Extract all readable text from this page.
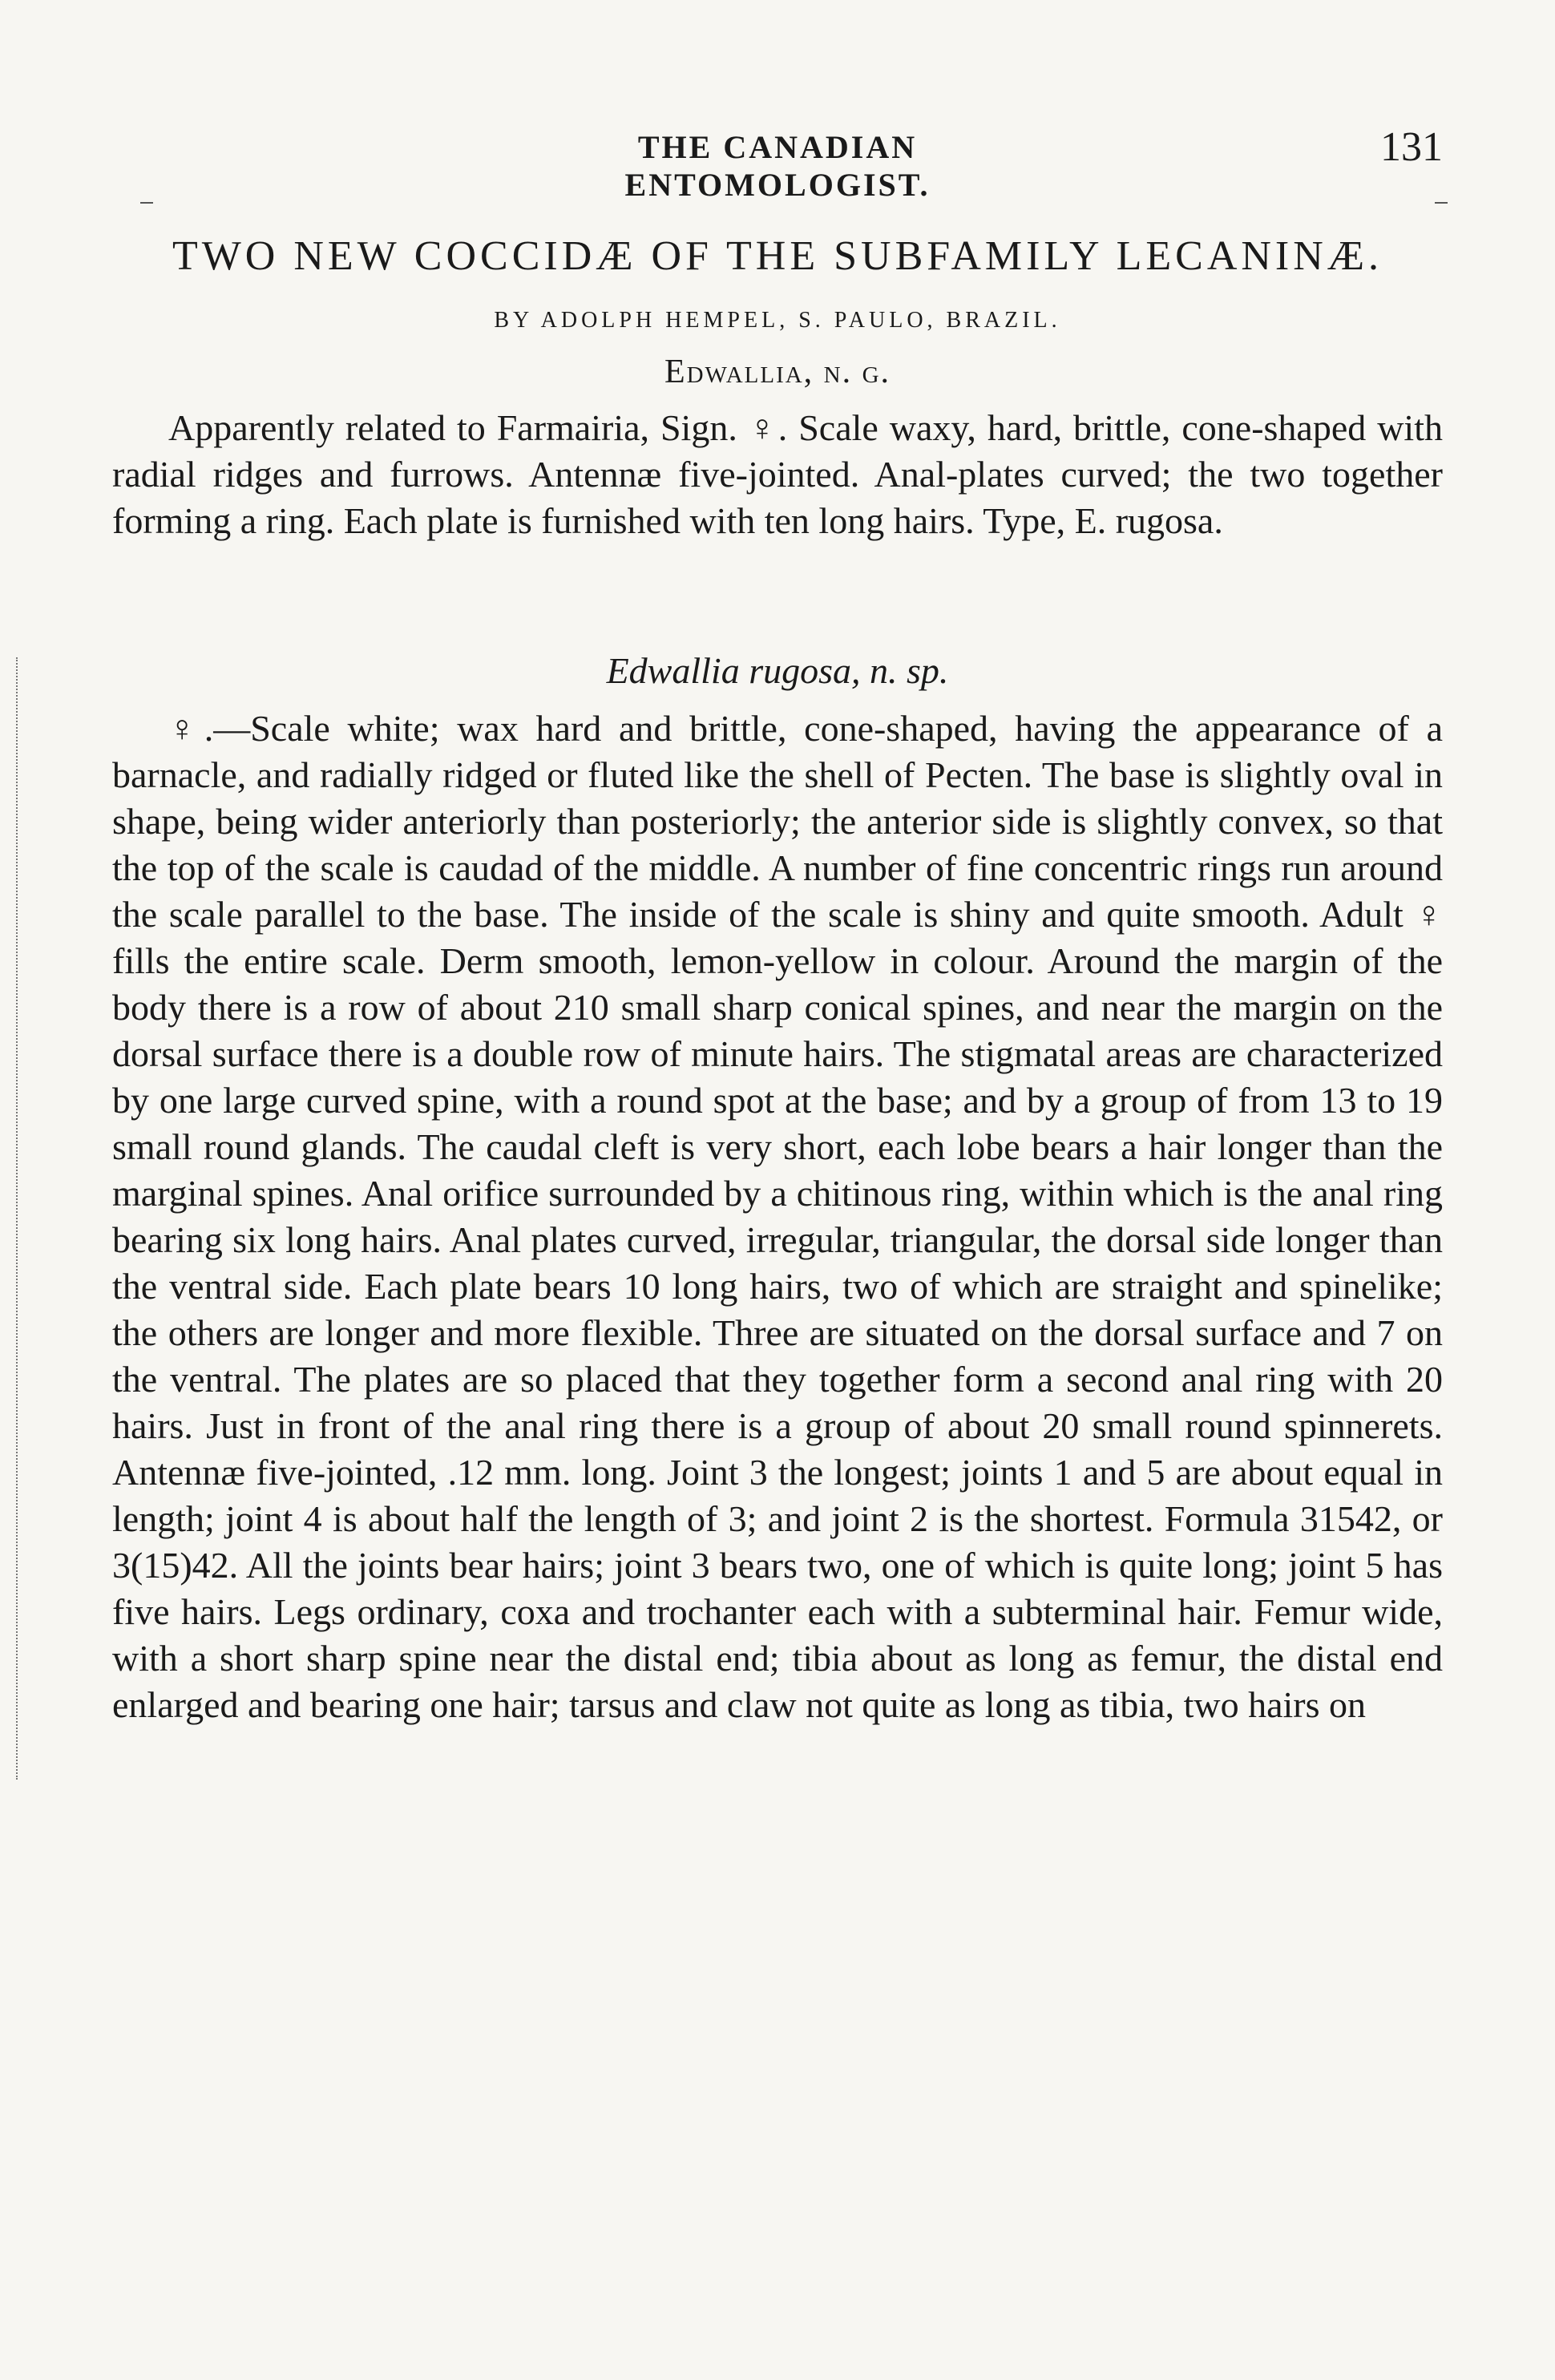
THE CANADIAN ENTOMOLOGIST.
131
TWO NEW COCCIDÆ OF THE SUBFAMILY LECANINÆ.
BY ADOLPH HEMPEL, S. PAULO, BRAZIL.
Edwallia, n. g.

Apparently related to Farmairia, Sign. ♀. Scale waxy, hard, brittle, cone-shaped with radial ridges and furrows. Antennæ five-jointed. Anal-plates curved; the two together forming a ring. Each plate is furnished with ten long hairs. Type, E. rugosa.

Edwallia rugosa, n. sp.

♀.—Scale white; wax hard and brittle, cone-shaped, having the appearance of a barnacle, and radially ridged or fluted like the shell of Pecten. The base is slightly oval in shape, being wider anteriorly than posteriorly; the anterior side is slightly convex, so that the top of the scale is caudad of the middle. A number of fine concentric rings run around the scale parallel to the base. The inside of the scale is shiny and quite smooth. Adult ♀ fills the entire scale. Derm smooth, lemon-yellow in colour. Around the margin of the body there is a row of about 210 small sharp conical spines, and near the margin on the dorsal surface there is a double row of minute hairs. The stigmatal areas are characterized by one large curved spine, with a round spot at the base; and by a group of from 13 to 19 small round glands. The caudal cleft is very short, each lobe bears a hair longer than the marginal spines. Anal orifice surrounded by a chitinous ring, within which is the anal ring bearing six long hairs. Anal plates curved, irregular, triangular, the dorsal side longer than the ventral side. Each plate bears 10 long hairs, two of which are straight and spinelike; the others are longer and more flexible. Three are situated on the dorsal surface and 7 on the ventral. The plates are so placed that they together form a second anal ring with 20 hairs. Just in front of the anal ring there is a group of about 20 small round spinnerets. Antennæ five-jointed, .12 mm. long. Joint 3 the longest; joints 1 and 5 are about equal in length; joint 4 is about half the length of 3; and joint 2 is the shortest. Formula 31542, or 3(15)42. All the joints bear hairs; joint 3 bears two, one of which is quite long; joint 5 has five hairs. Legs ordinary, coxa and trochanter each with a subterminal hair. Femur wide, with a short sharp spine near the distal end; tibia about as long as femur, the distal end enlarged and bearing one hair; tarsus and claw not quite as long as tibia, two hairs on
